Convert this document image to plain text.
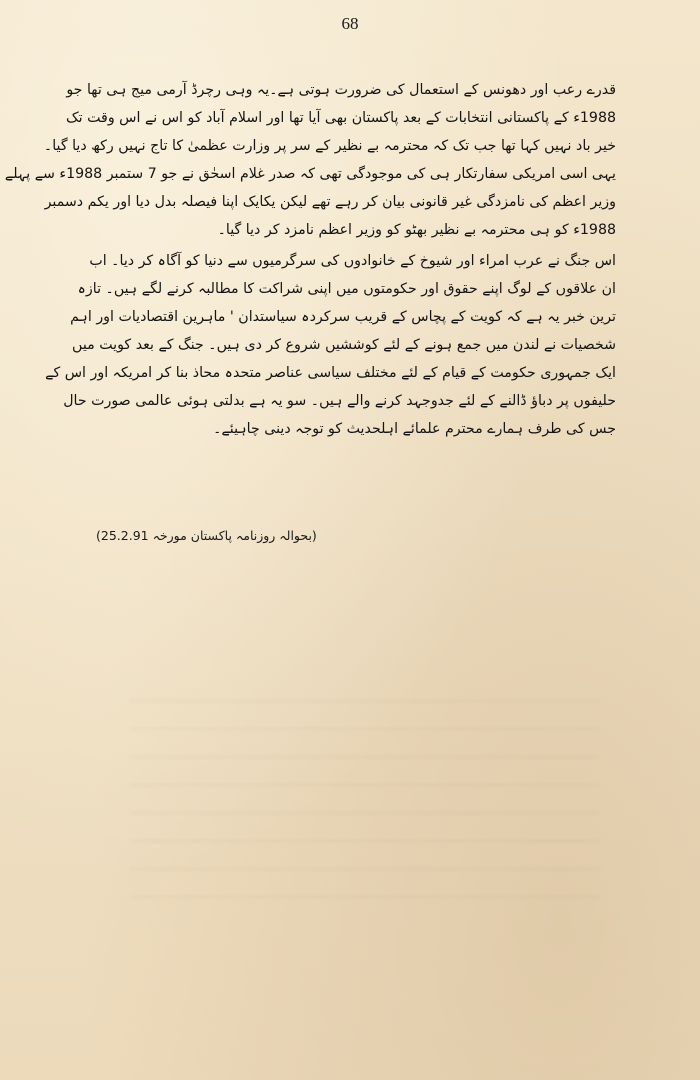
68
قدرے رعب اور دھونس کے استعمال کی ضرورت ہوتی ہے۔یہ وہی رچرڈ آرمی میج ہی تھا جو
1988ء کے پاکستانی انتخابات کے بعد پاکستان بھی آیا تھا اور اسلام آباد کو اس نے اس وقت تک
خیر باد نہیں کہا تھا جب تک کہ محترمہ بے نظیر کے سر پر وزارت عظمیٰ کا تاج نہیں رکھ دیا گیا۔
یہی اسی امریکی سفارتکار ہی کی موجودگی تھی کہ صدر غلام اسحٰق نے جو 7 ستمبر 1988ء سے پہلے
وزیر اعظم کی نامزدگی غیر قانونی بیان کر رہے تھے لیکن یکایک اپنا فیصلہ بدل دیا اور یکم دسمبر
1988ء کو ہی محترمہ بے نظیر بھٹو کو وزیر اعظم نامزد کر دیا گیا۔
اس جنگ نے عرب امراء اور شیوخ کے خانوادوں کی سرگرمیوں سے دنیا کو آگاہ کر دیا۔ اب
ان علاقوں کے لوگ اپنے حقوق اور حکومتوں میں اپنی شراکت کا مطالبہ کرنے لگے ہیں۔ تازہ
ترین خبر یہ ہے کہ کویت کے پچاس کے قریب سرکردہ سیاستدان ' ماہرین اقتصادیات اور اہم
شخصیات نے لندن میں جمع ہونے کے لئے کوششیں شروع کر دی ہیں۔ جنگ کے بعد کویت میں
ایک جمہوری حکومت کے قیام کے لئے مختلف سیاسی عناصر متحدہ محاذ بنا کر امریکہ اور اس کے
حلیفوں پر دباؤ ڈالنے کے لئے جدوجہد کرنے والے ہیں۔ سو یہ ہے بدلتی ہوئی عالمی صورت حال
جس کی طرف ہمارے محترم علمائے اہلحدیث کو توجہ دینی چاہیئے۔
(بحوالہ روزنامہ پاکستان مورخہ 25.2.91)
